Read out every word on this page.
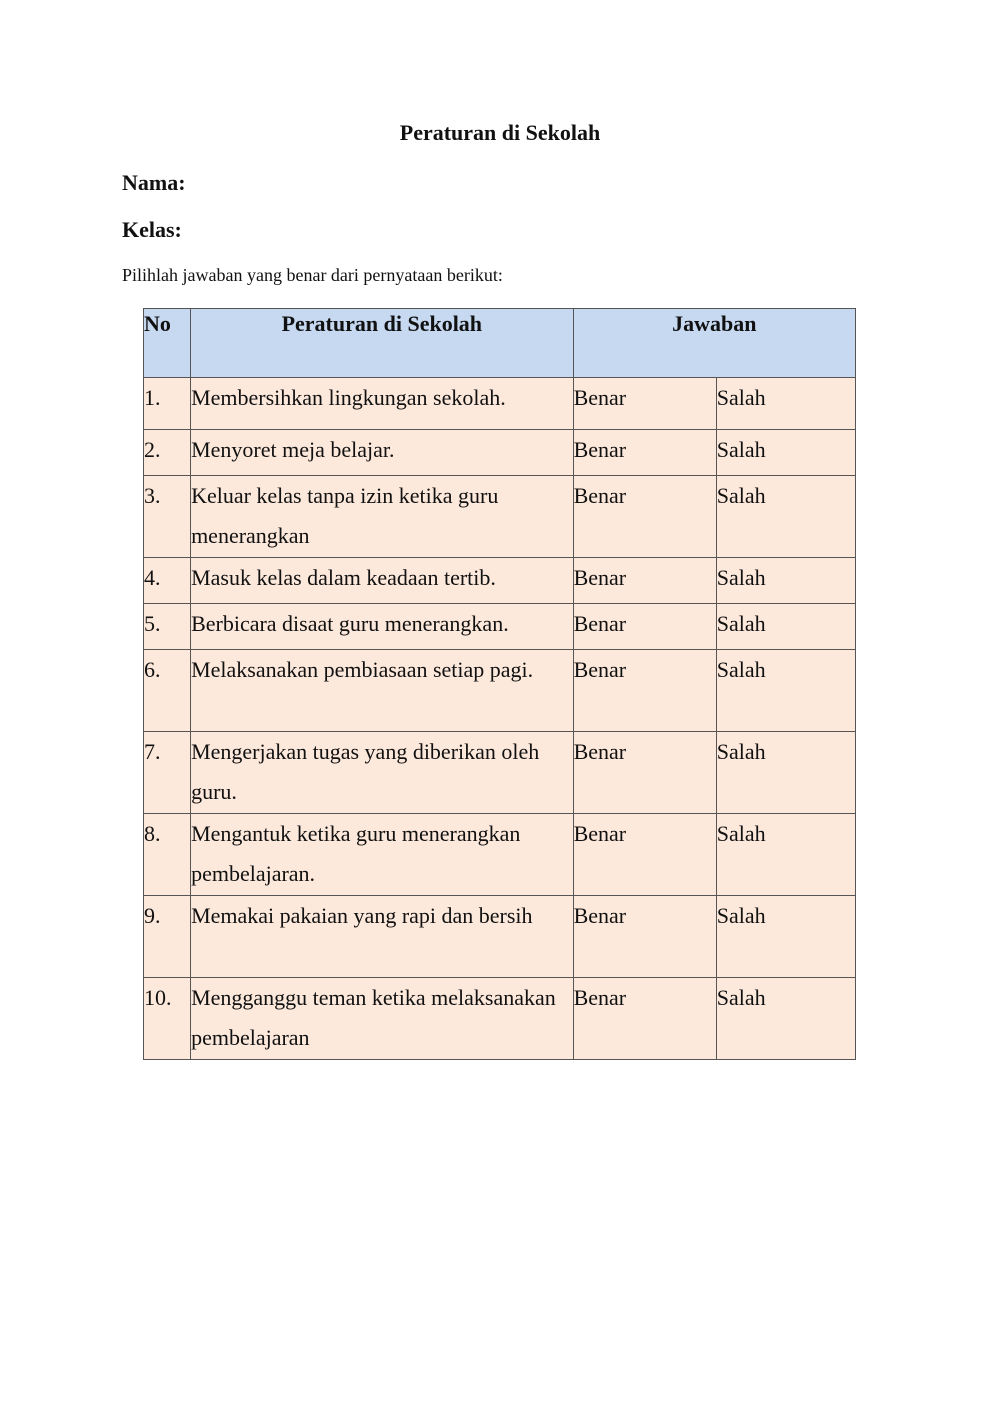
Peraturan di Sekolah
Nama:
Kelas:
Pilihlah jawaban yang benar dari pernyataan berikut:
No	Peraturan di Sekolah	Jawaban	
1.	Membersihkan lingkungan sekolah.	Benar	Salah
2.	Menyoret meja belajar.	Benar	Salah
3.	Keluar kelas tanpa izin ketika guru menerangkan	Benar	Salah
4.	Masuk kelas dalam keadaan tertib.	Benar	Salah
5.	Berbicara disaat guru menerangkan.	Benar	Salah
6.	Melaksanakan pembiasaan setiap pagi.	Benar	Salah
7.	Mengerjakan tugas yang diberikan oleh guru.	Benar	Salah
8.	Mengantuk ketika guru menerangkan pembelajaran.	Benar	Salah
9.	Memakai pakaian yang rapi dan bersih	Benar	Salah
10.	Mengganggu teman ketika melaksanakan pembelajaran	Benar	Salah
